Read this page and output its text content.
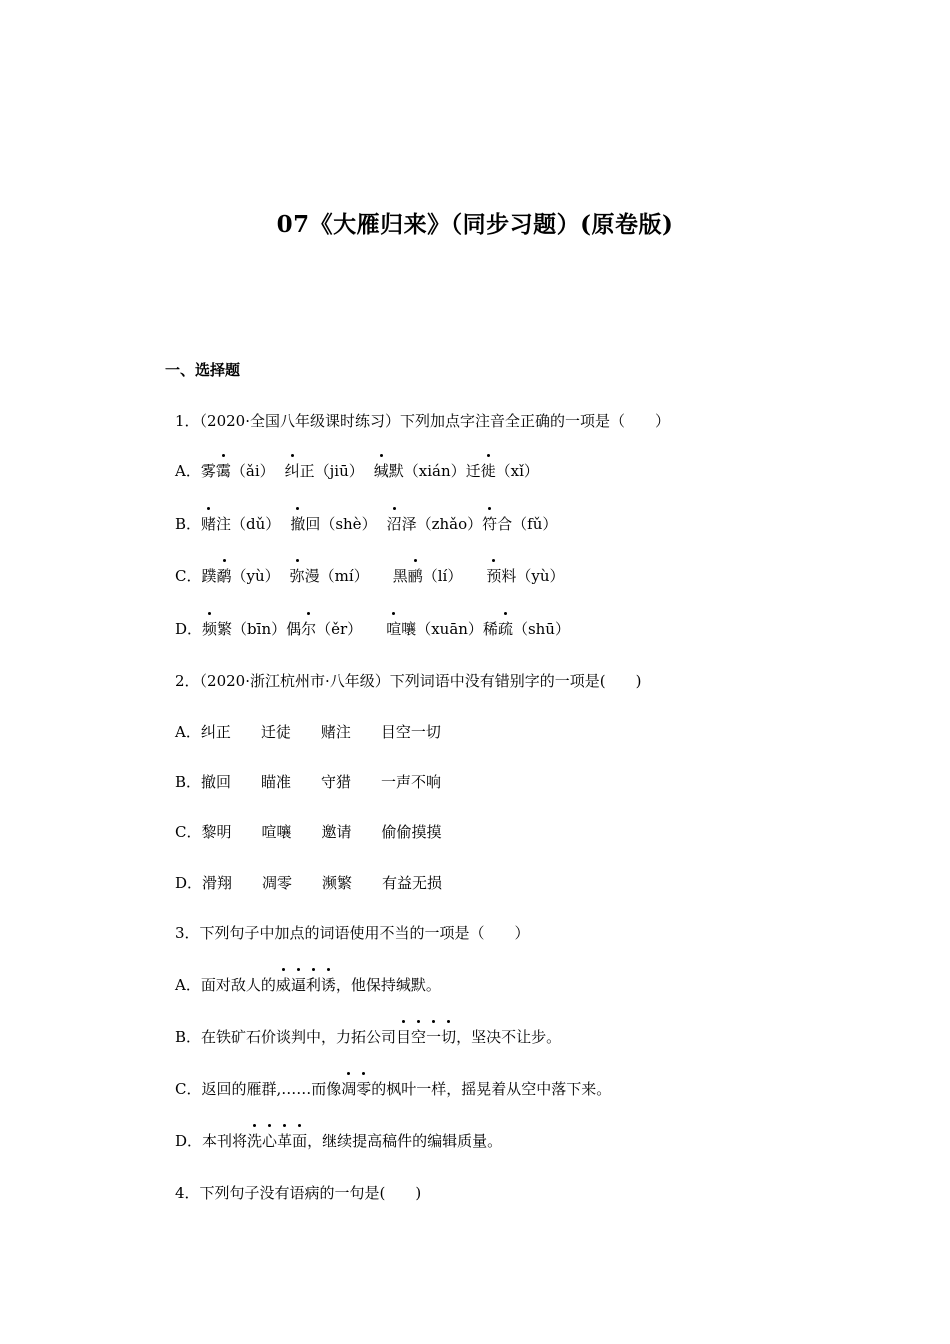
07《大雁归来》（同步习题）(原卷版)
一、选择题
1．（2020·全国八年级课时练习）下列加点字注音全正确的一项是（　　）
A．雾霭（ǎi） 纠正（jiū） 缄默（xián）迁徙（xǐ）
B．赌注（dǔ） 撤回（shè） 沼泽（zhǎo）符合（fǔ）
C．蹼鹬（yù） 弥漫（mí） 黑鹂（lí） 预料（yù）
D．频繁（bīn）偶尔（ěr） 喧嚷（xuān）稀疏（shū）
2．（2020·浙江杭州市·八年级）下列词语中没有错别字的一项是(　　)
A．纠正　　迁徒　　赌注　　目空一切
B．撤回　　瞄准　　守猎　　一声不响
C．黎明　　喧嚷　　邀请　　偷偷摸摸
D．滑翔　　凋零　　濒繁　　有益无损
3．下列句子中加点的词语使用不当的一项是（　　）
A．面对敌人的威逼利诱，他保持缄默。
B．在铁矿石价谈判中，力拓公司目空一切，坚决不让步。
C．返回的雁群,……而像凋零的枫叶一样，摇晃着从空中落下来。
D．本刊将洗心革面，继续提高稿件的编辑质量。
4．下列句子没有语病的一句是(　　)
